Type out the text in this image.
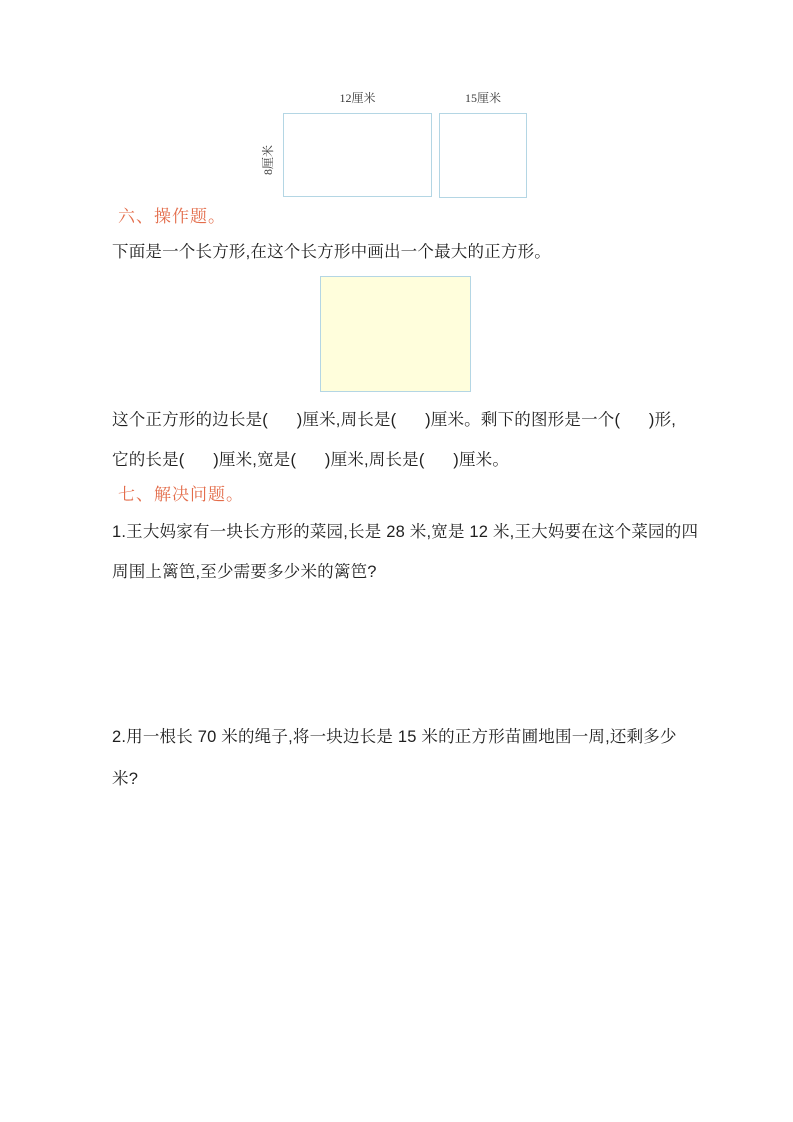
12厘米	15厘米
8厘米
六、操作题。
下面是一个长方形,在这个长方形中画出一个最大的正方形。
这个正方形的边长是(      )厘米,周长是(      )厘米。剩下的图形是一个(      )形,
它的长是(      )厘米,宽是(      )厘米,周长是(      )厘米。
七、解决问题。
1.王大妈家有一块长方形的菜园,长是 28 米,宽是 12 米,王大妈要在这个菜园的四
周围上篱笆,至少需要多少米的篱笆?
2.用一根长 70 米的绳子,将一块边长是 15 米的正方形苗圃地围一周,还剩多少
米?
